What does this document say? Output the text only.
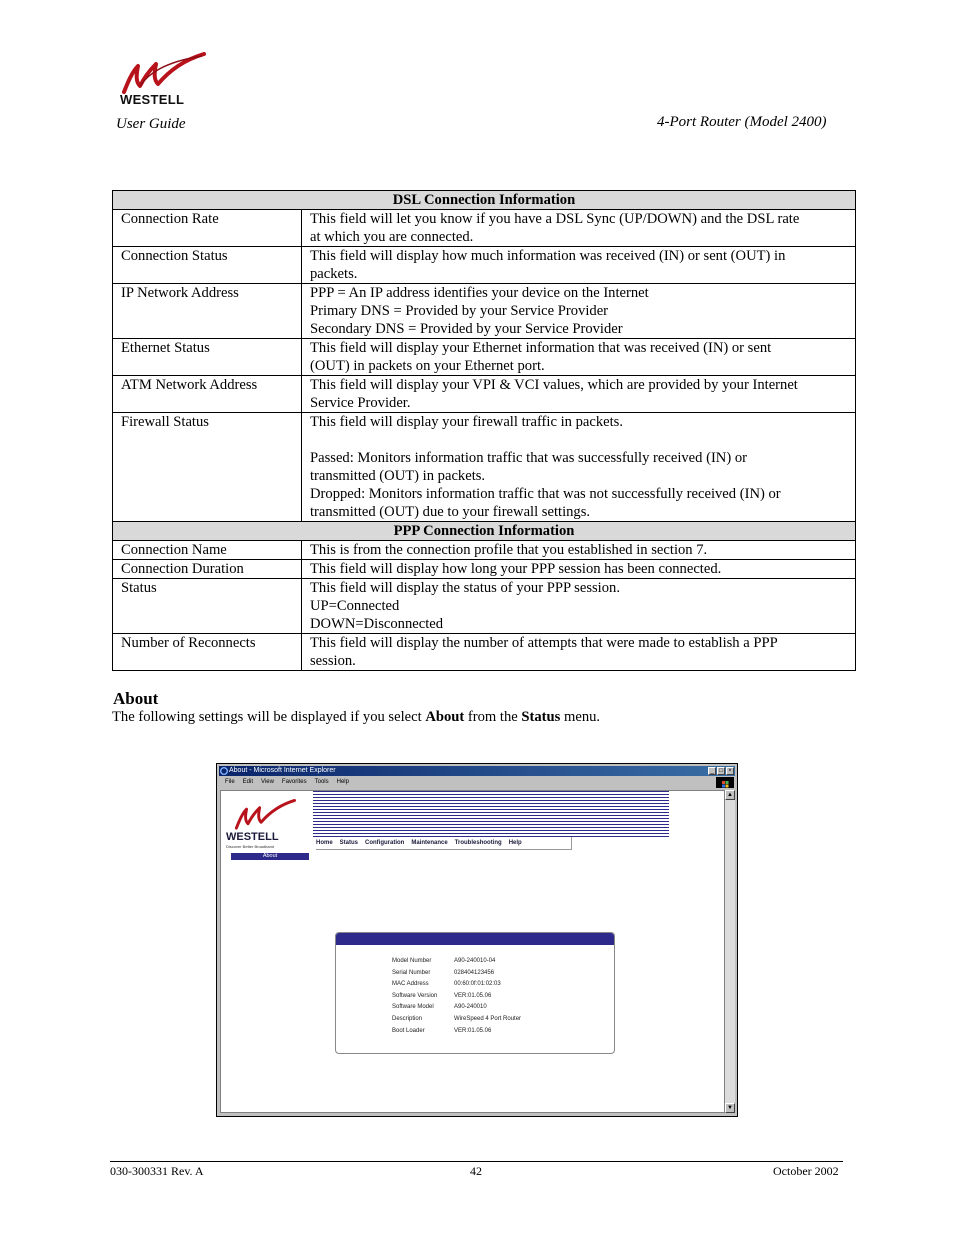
WESTELL
User Guide	4-Port Router (Model 2400)
DSL Connection Information	
Connection Rate	This field will let you know if you have a DSL Sync (UP/DOWN) and the DSL rate
at which you are connected.

Connection Status	This field will display how much information was received (IN) or sent (OUT) in
packets.

IP Network Address	PPP = An IP address identifies your device on the Internet
Primary DNS = Provided by your Service Provider
Secondary DNS = Provided by your Service Provider

Ethernet Status	This field will display your Ethernet information that was received (IN) or sent
(OUT) in packets on your Ethernet port.

ATM Network Address	This field will display your VPI & VCI values, which are provided by your Internet
Service Provider.

Firewall Status	This field will display your firewall traffic in packets.
Passed: Monitors information traffic that was successfully received (IN) or
transmitted (OUT) in packets.
Dropped: Monitors information traffic that was not successfully received (IN) or
transmitted (OUT) due to your firewall settings.

PPP Connection Information	
Connection Name	This is from the connection profile that you established in section 7.

Connection Duration	This field will display how long your PPP session has been connected.

Status	This field will display the status of your PPP session.
UP=Connected
DOWN=Disconnected

Number of Reconnects	This field will display the number of attempts that were made to establish a PPP
session.
About
The following settings will be displayed if you select About from the Status menu.
About - Microsoft Internet Explorer	_ □ ×
File Edit View Favorites Tools Help
WESTELL
Discover Better Broadband
Home Status Configuration Maintenance Troubleshooting Help
About
Model Number	A90-240010-04
Serial Number	028404123456
MAC Address	00:60:0f:01:02:03
Software Version	VER:01.05.06
Software Model	A90-240010
Description	WireSpeed 4 Port Router
Boot Loader	VER:01.05.06
▲
▼
030-300331 Rev. A	42	October 2002
